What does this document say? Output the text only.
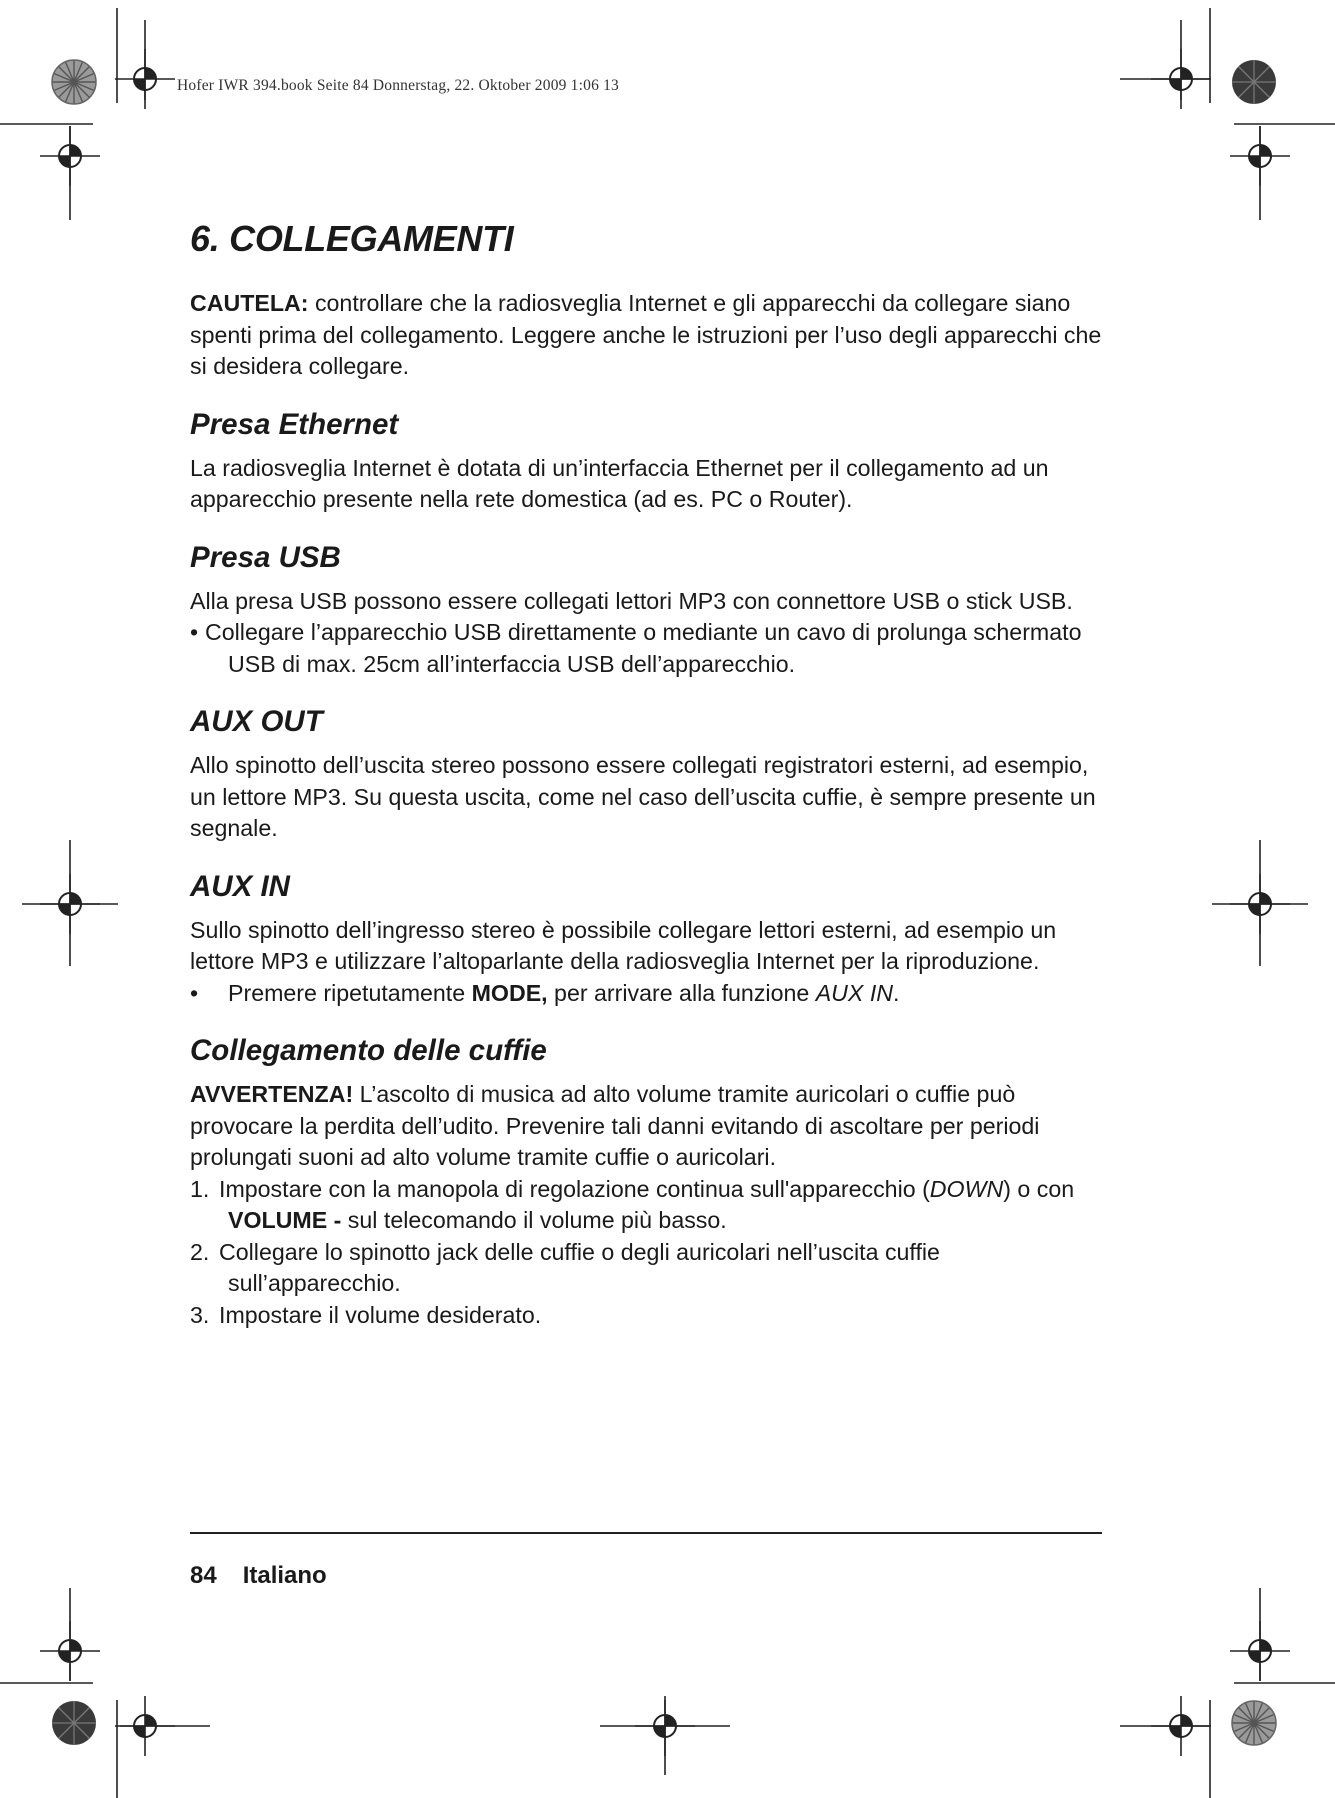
Hofer IWR 394.book Seite 84 Donnerstag, 22. Oktober 2009 1:06 13
6. COLLEGAMENTI

CAUTELA: controllare che la radiosveglia Internet e gli apparecchi da collegare siano spenti prima del collegamento. Leggere anche le istruzioni per l’uso degli apparecchi che si desidera collegare.

Presa Ethernet

La radiosveglia Internet è dotata di un’interfaccia Ethernet per il collegamento ad un apparecchio presente nella rete domestica (ad es. PC o Router).

Presa USB

Alla presa USB possono essere collegati lettori MP3 con connettore USB o stick USB.

• Collegare l’apparecchio USB direttamente o mediante un cavo di prolunga schermato USB di max. 25cm all’interfaccia USB dell’apparecchio.

AUX OUT

Allo spinotto dell’uscita stereo possono essere collegati registratori esterni, ad esempio, un lettore MP3. Su questa uscita, come nel caso dell’uscita cuffie, è sempre presente un segnale.

AUX IN

Sullo spinotto dell’ingresso stereo è possibile collegare lettori esterni, ad esempio un lettore MP3 e utilizzare l’altoparlante della radiosveglia Internet per la riproduzione.

• Premere ripetutamente MODE, per arrivare alla funzione AUX IN.

Collegamento delle cuffie

AVVERTENZA! L’ascolto di musica ad alto volume tramite auricolari o cuffie può provocare la perdita dell’udito. Prevenire tali danni evitando di ascoltare per periodi prolungati suoni ad alto volume tramite cuffie o auricolari.

1. Impostare con la manopola di regolazione continua sull'apparecchio (DOWN) o con VOLUME - sul telecomando il volume più basso.

2. Collegare lo spinotto jack delle cuffie o degli auricolari nell’uscita cuffie sull’apparecchio.

3. Impostare il volume desiderato.

84 Italiano
